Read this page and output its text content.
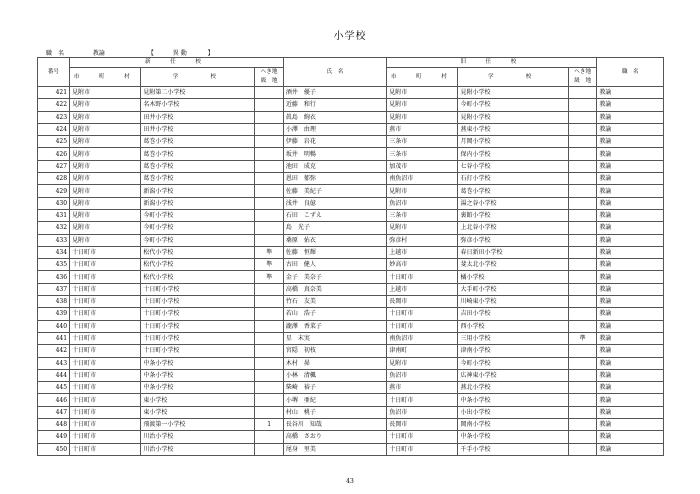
小学校
職　名	教諭	【	異動	】
番号	新　任　校			氏　名	旧　任　校			職　名
	市　町　村	学　　校	へき地
級　地		市　町　村	学　　校	へき地
級　地	
421	見附市	見附第二小学校		酒井　優子	見附市	見附小学校		教諭
422	見附市	名木野小学校		近藤　和行	見附市	今町小学校		教諭
423	見附市	田井小学校		眞島　絢衣	見附市	見附小学校		教諭
424	見附市	田井小学校		小澤　由理	燕市	燕東小学校		教諭
425	見附市	葛巻小学校		伊藤　岩花	三条市	月岡小学校		教諭
426	見附市	葛巻小学校		坂井　明暢	三条市	保内小学校		教諭
427	見附市	葛巻小学校		池田　成克	加茂市	七谷小学校		教諭
428	見附市	葛巻小学校		恩田　郁弥	南魚沼市	石打小学校		教諭
429	見附市	新潟小学校		佐藤　美紀子	見附市	葛巻小学校		教諭
430	見附市	新潟小学校		浅井　良億	魚沼市	湯之谷小学校		教諭
431	見附市	今町小学校		石田　こずえ	三条市	裏館小学校		教諭
432	見附市	今町小学校		島　光子	見附市	上北谷小学校		教諭
433	見附市	今町小学校		桑原　佑衣	弥彦村	弥彦小学校		教諭
434	十日町市	松代小学校	準	佐藤　恒輝	上越市	春日新田小学校		教諭
435	十日町市	松代小学校	準	古田　健人	妙高市	斐太北小学校		教諭
436	十日町市	松代小学校	準	金子　美奈子	十日町市	橘小学校		教諭
437	十日町市	十日町小学校		高橋　真奈美	上越市	大手町小学校		教諭
438	十日町市	十日町小学校		竹石　友美	長岡市	川崎東小学校		教諭
439	十日町市	十日町小学校		若山　浩子	十日町市	吉田小学校		教諭
440	十日町市	十日町小学校		瀧澤　香菜子	十日町市	西小学校		教諭
441	十日町市	十日町小学校		星　末実	南魚沼市	三用小学校	準	教諭
442	十日町市	十日町小学校		宮隠　初枝	津南町	津南小学校		教諭
443	十日町市	中条小学校		木村　昴	見附市	今町小学校		教諭
444	十日町市	中条小学校		小林　清楓	魚沼市	広神東小学校		教諭
445	十日町市	中条小学校		柴崎　裕子	燕市	燕北小学校		教諭
446	十日町市	東小学校		小堺　亜紀	十日町市	中条小学校		教諭
447	十日町市	東小学校		村山　桃子	魚沼市	小出小学校		教諭
448	十日町市	飛渡第一小学校	1	長谷川　知哉	長岡市	岡南小学校		教諭
449	十日町市	川治小学校		高橋　さおり	十日町市	中条小学校		教諭
450	十日町市	川治小学校		尾身　里美	十日町市	千手小学校		教諭
43
